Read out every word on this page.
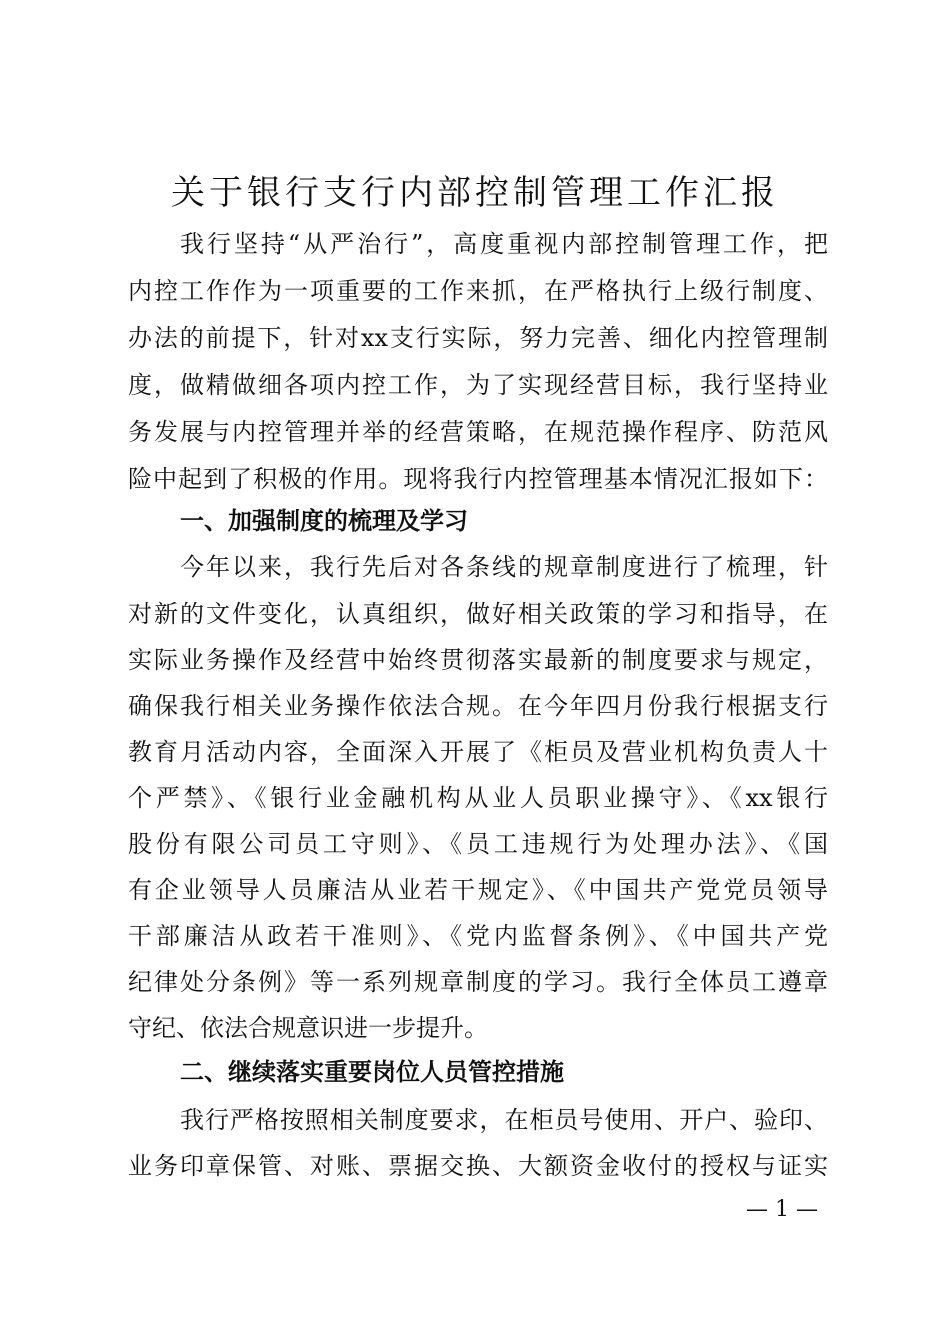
关于银行支行内部控制管理工作汇报
我行坚持“从严治行”，高度重视内部控制管理工作，把
内控工作作为一项重要的工作来抓，在严格执行上级行制度、
办法的前提下，针对xx支行实际，努力完善、细化内控管理制
度，做精做细各项内控工作，为了实现经营目标，我行坚持业
务发展与内控管理并举的经营策略，在规范操作程序、防范风
险中起到了积极的作用。现将我行内控管理基本情况汇报如下：
一、加强制度的梳理及学习
今年以来，我行先后对各条线的规章制度进行了梳理，针
对新的文件变化，认真组织，做好相关政策的学习和指导，在
实际业务操作及经营中始终贯彻落实最新的制度要求与规定，
确保我行相关业务操作依法合规。在今年四月份我行根据支行
教育月活动内容，全面深入开展了《柜员及营业机构负责人十
个严禁》、《银行业金融机构从业人员职业操守》、《xx银行
股份有限公司员工守则》、《员工违规行为处理办法》、《国
有企业领导人员廉洁从业若干规定》、《中国共产党党员领导
干部廉洁从政若干准则》、《党内监督条例》、《中国共产党
纪律处分条例》等一系列规章制度的学习。我行全体员工遵章
守纪、依法合规意识进一步提升。
二、继续落实重要岗位人员管控措施
我行严格按照相关制度要求，在柜员号使用、开户、验印、
业务印章保管、对账、票据交换、大额资金收付的授权与证实
— 1 —
